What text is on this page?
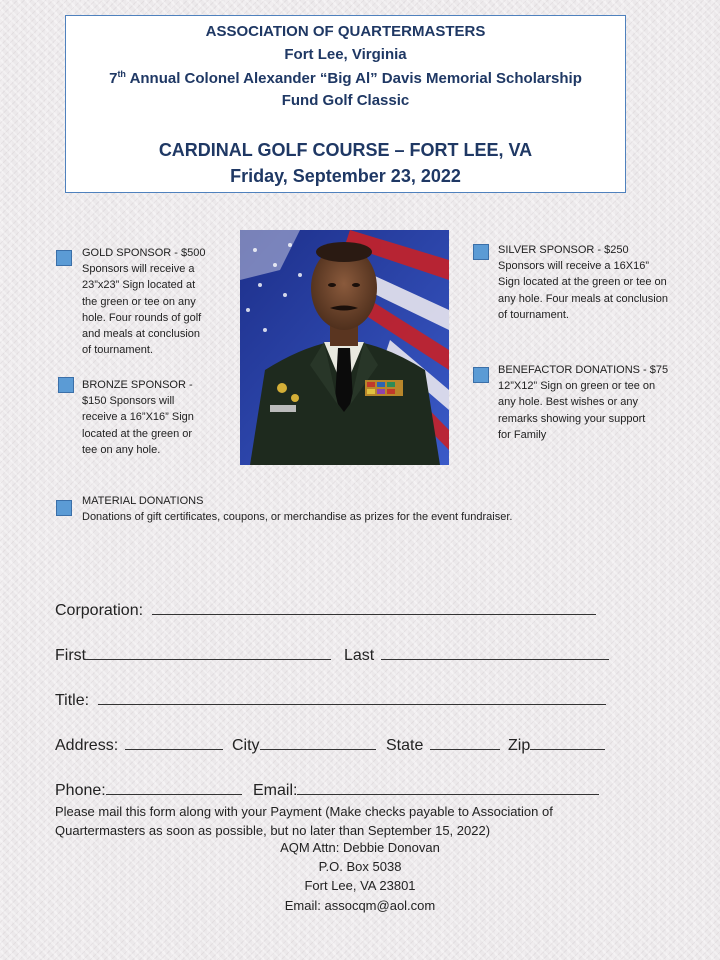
ASSOCIATION OF QUARTERMASTERS
Fort Lee, Virginia
7th Annual Colonel Alexander “Big Al” Davis Memorial Scholarship
Fund Golf Classic
CARDINAL GOLF COURSE – FORT LEE, VA
Friday, September 23, 2022
GOLD SPONSOR - $500
Sponsors will receive a
23”x23” Sign located at
the green or tee on any
hole. Four rounds of golf
and meals at conclusion
of tournament.
BRONZE SPONSOR -
$150 Sponsors will
receive a 16”X16” Sign
located at the green or
tee on any hole.
SILVER SPONSOR - $250
Sponsors will receive a 16X16”
Sign located at the green or tee on
any hole. Four meals at conclusion
of tournament.
BENEFACTOR DONATIONS - $75
12”X12” Sign on green or tee on
any hole. Best wishes or any
remarks showing your support
for Family
MATERIAL DONATIONS
Donations of gift certificates, coupons, or merchandise as prizes for the event fundraiser.
Corporation:
First	Last
Title:
Address:	City	State	Zip
Phone:	Email:
Please mail this form along with your Payment (Make checks payable to Association of
Quartermasters as soon as possible, but no later than September 15, 2022)
AQM Attn: Debbie Donovan
P.O. Box 5038
Fort Lee, VA 23801
Email: assocqm@aol.com
